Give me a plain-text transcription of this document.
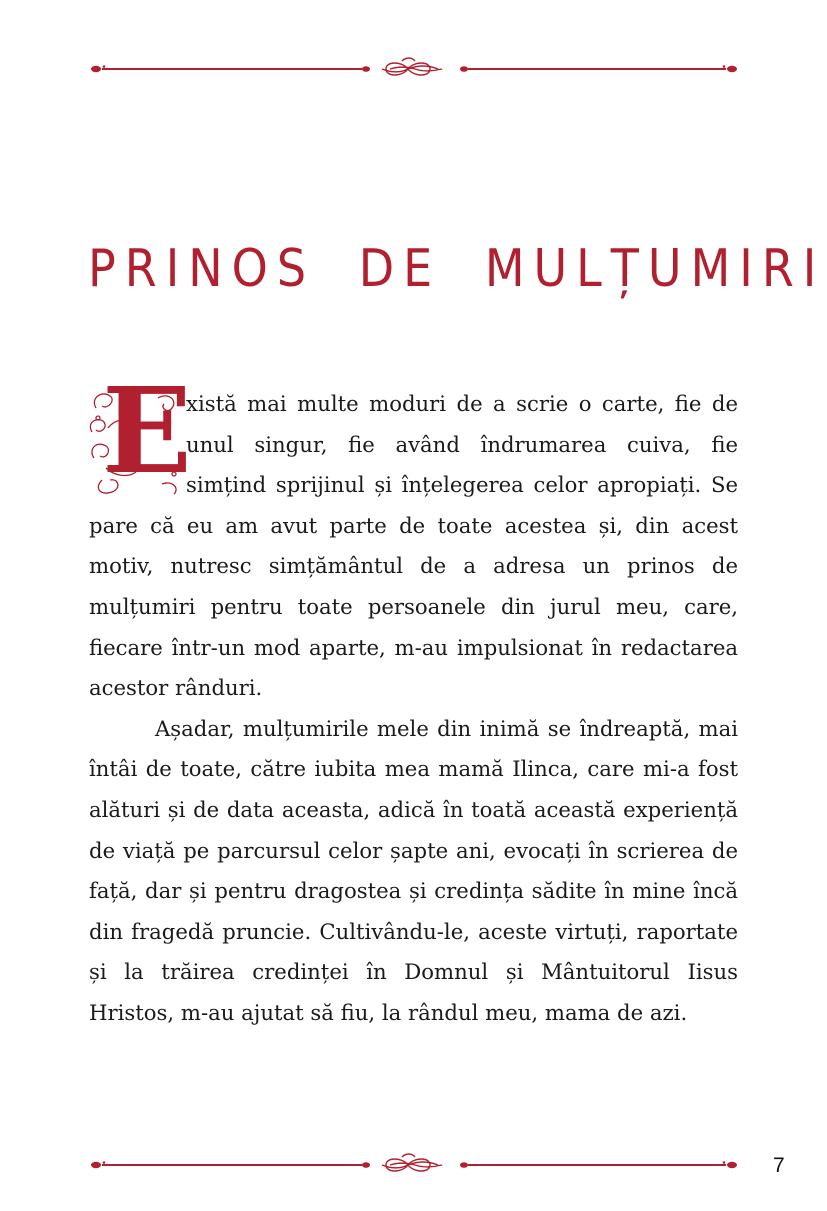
PRINOS DE MULȚUMIRI
E

xistă mai multe moduri de a scrie o carte, fie de unul singur, fie având îndrumarea cuiva, fie simțind sprijinul și înțelegerea celor apropiați. Se pare că eu am avut parte de toate acestea și, din acest motiv, nutresc simțământul de a adresa un prinos de mulțumiri pentru toate persoanele din jurul meu, care, fiecare într-un mod aparte, m-au impulsionat în redactarea acestor rânduri.

Așadar, mulțumirile mele din inimă se îndreaptă, mai întâi de toate, către iubita mea mamă Ilinca, care mi-a fost alături și de data aceasta, adică în toată această experiență de viață pe parcursul celor șapte ani, evocați în scrierea de față, dar și pentru dragostea și credința sădite în mine încă din fragedă pruncie. Cultivându-le, aceste virtuți, raportate și la trăirea credinței în Domnul și Mântuitorul Iisus Hristos, m-au ajutat să fiu, la rândul meu, mama de azi.

7
